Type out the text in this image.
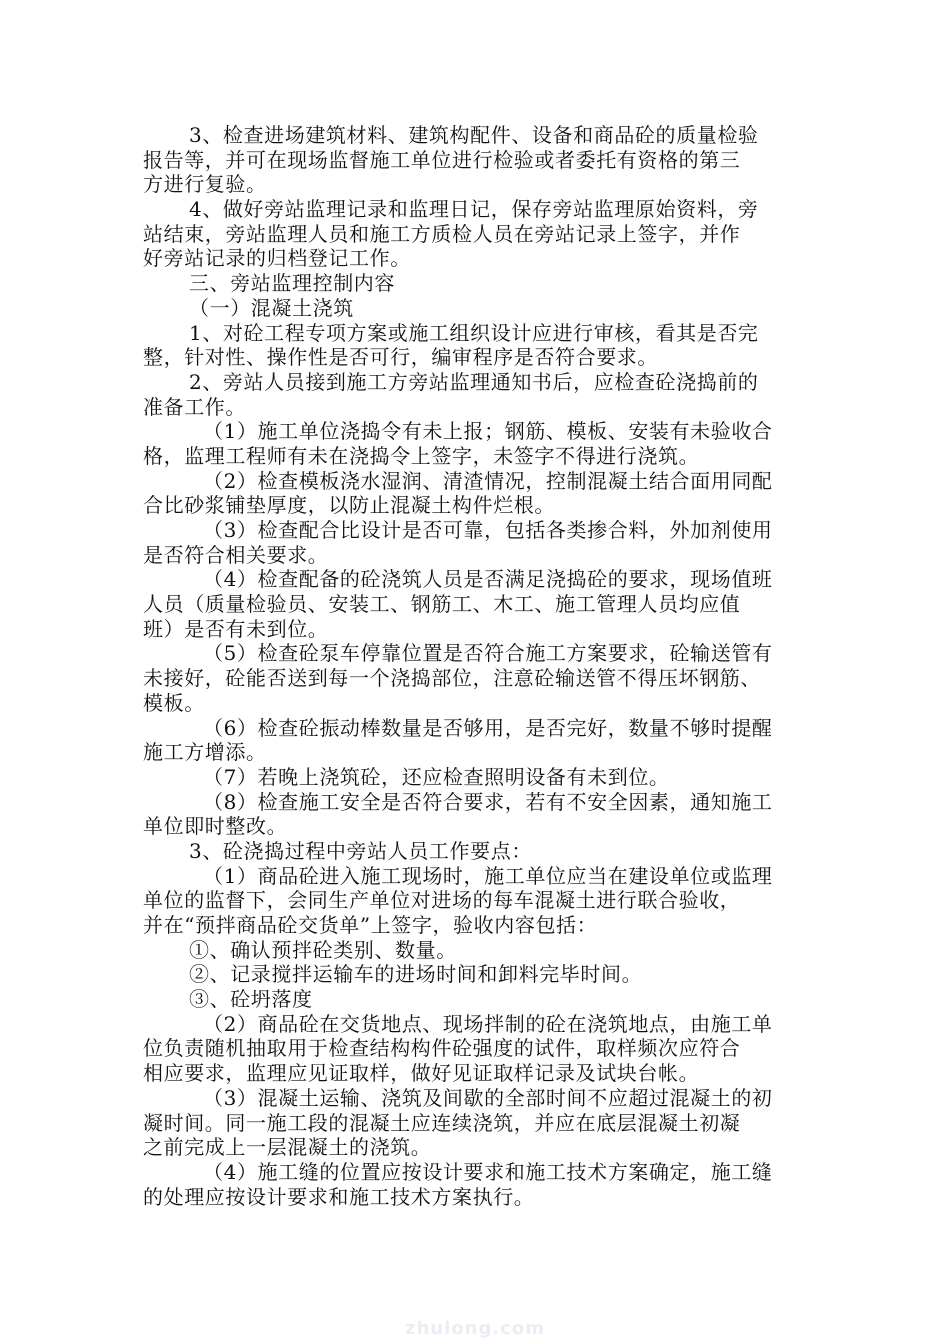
3、检查进场建筑材料、建筑构配件、设备和商品砼的质量检验
报告等，并可在现场监督施工单位进行检验或者委托有资格的第三
方进行复验。
4、做好旁站监理记录和监理日记，保存旁站监理原始资料，旁
站结束，旁站监理人员和施工方质检人员在旁站记录上签字，并作
好旁站记录的归档登记工作。
三、旁站监理控制内容
（一）混凝土浇筑
1、对砼工程专项方案或施工组织设计应进行审核，看其是否完
整，针对性、操作性是否可行，编审程序是否符合要求。
2、旁站人员接到施工方旁站监理通知书后，应检查砼浇捣前的
准备工作。
（1）施工单位浇捣令有未上报；钢筋、模板、安装有未验收合
格，监理工程师有未在浇捣令上签字，未签字不得进行浇筑。
（2）检查模板浇水湿润、清渣情况，控制混凝土结合面用同配
合比砂浆铺垫厚度，以防止混凝土构件烂根。
（3）检查配合比设计是否可靠，包括各类掺合料，外加剂使用
是否符合相关要求。
（4）检查配备的砼浇筑人员是否满足浇捣砼的要求，现场值班
人员（质量检验员、安装工、钢筋工、木工、施工管理人员均应值
班）是否有未到位。
（5）检查砼泵车停靠位置是否符合施工方案要求，砼输送管有
未接好，砼能否送到每一个浇捣部位，注意砼输送管不得压坏钢筋、
模板。
（6）检查砼振动棒数量是否够用，是否完好，数量不够时提醒
施工方增添。
（7）若晚上浇筑砼，还应检查照明设备有未到位。
（8）检查施工安全是否符合要求，若有不安全因素，通知施工
单位即时整改。
3、砼浇捣过程中旁站人员工作要点：
（1）商品砼进入施工现场时，施工单位应当在建设单位或监理
单位的监督下，会同生产单位对进场的每车混凝土进行联合验收，
并在“预拌商品砼交货单”上签字，验收内容包括：
①、确认预拌砼类别、数量。
②、记录搅拌运输车的进场时间和卸料完毕时间。
③、砼坍落度
（2）商品砼在交货地点、现场拌制的砼在浇筑地点，由施工单
位负责随机抽取用于检查结构构件砼强度的试件，取样频次应符合
相应要求，监理应见证取样，做好见证取样记录及试块台帐。
（3）混凝土运输、浇筑及间歇的全部时间不应超过混凝土的初
凝时间。同一施工段的混凝土应连续浇筑，并应在底层混凝土初凝
之前完成上一层混凝土的浇筑。
（4）施工缝的位置应按设计要求和施工技术方案确定，施工缝
的处理应按设计要求和施工技术方案执行。
zhulong.com
